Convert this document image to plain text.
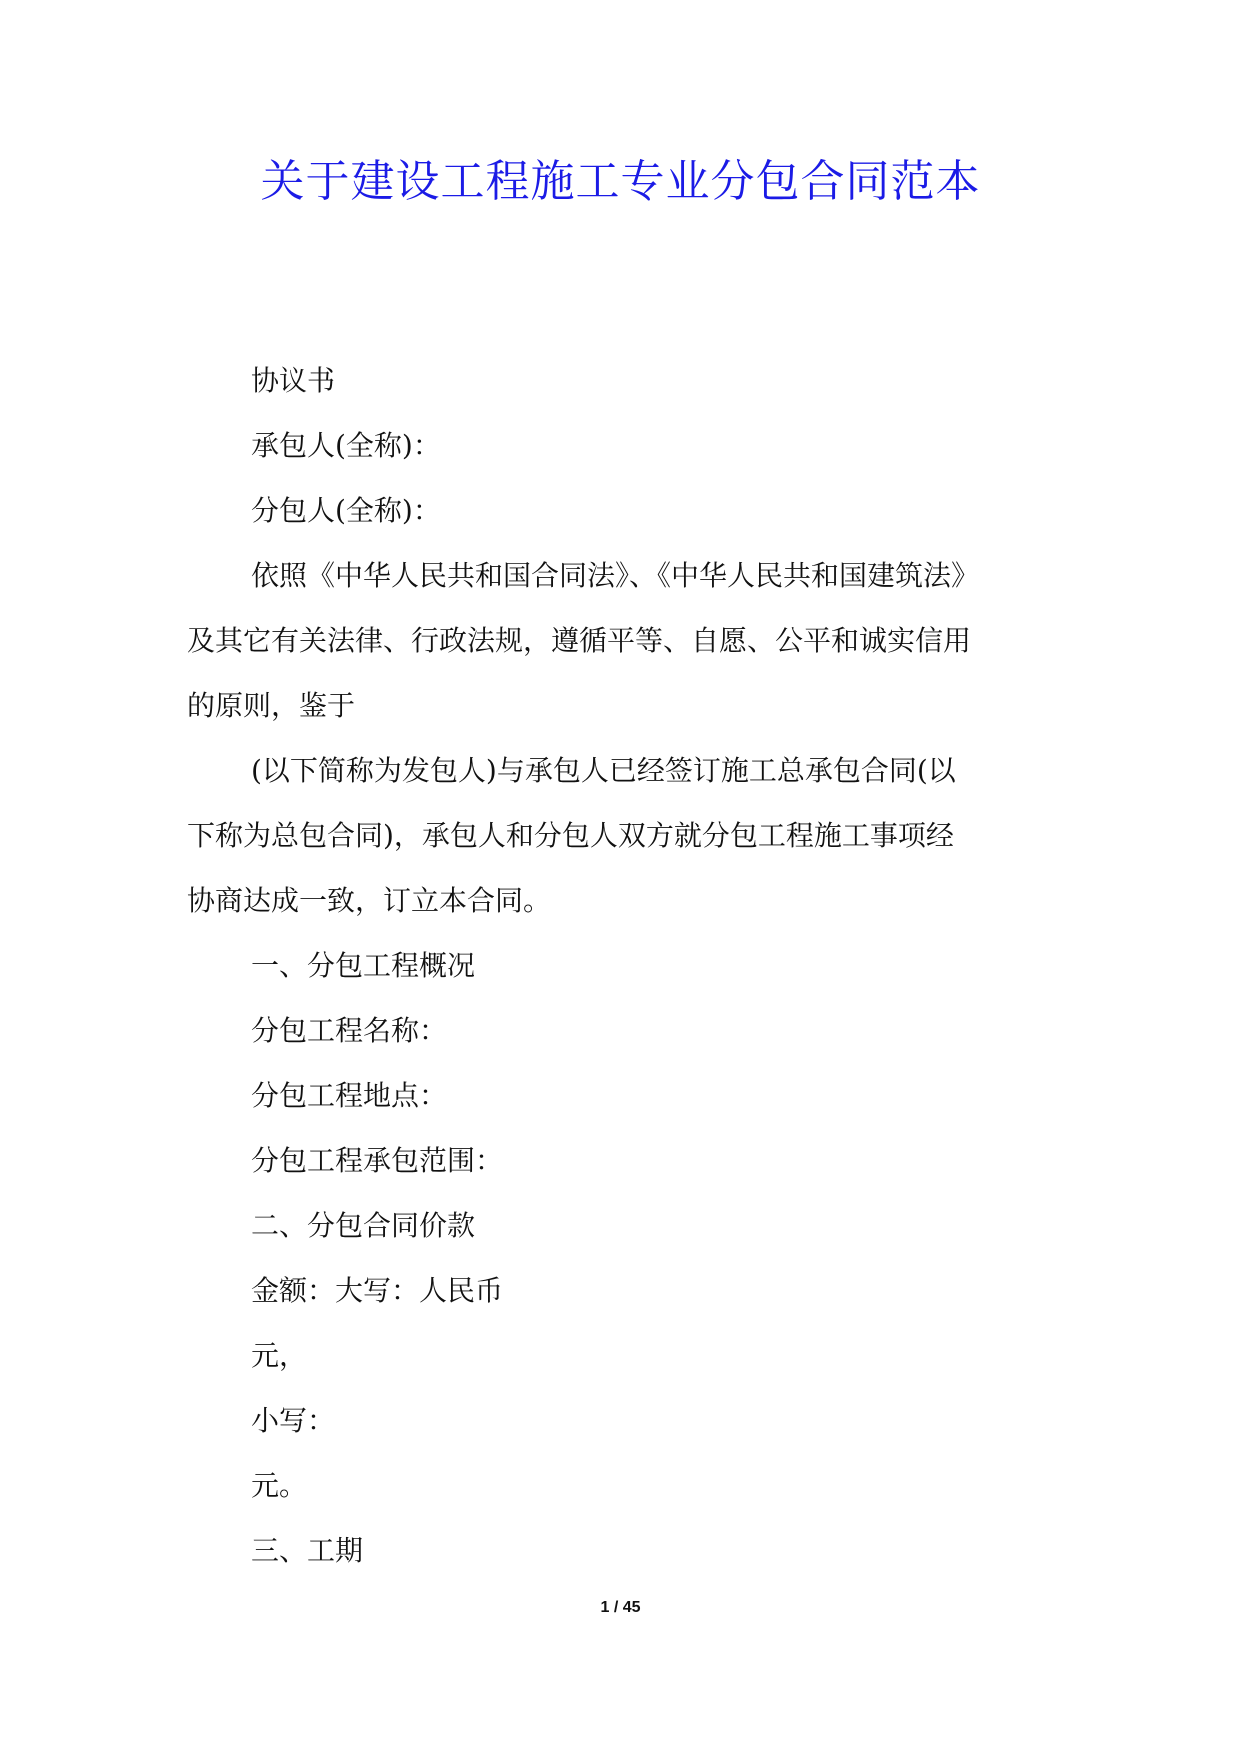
关于建设工程施工专业分包合同范本
协议书
承包人(全称)：
分包人(全称)：
依照《中华人民共和国合同法》、《中华人民共和国建筑法》
及其它有关法律、行政法规，遵循平等、自愿、公平和诚实信用
的原则，鉴于
(以下简称为发包人)与承包人已经签订施工总承包合同(以
下称为总包合同)，承包人和分包人双方就分包工程施工事项经
协商达成一致，订立本合同。
一、分包工程概况
分包工程名称：
分包工程地点：
分包工程承包范围：
二、分包合同价款
金额：大写：人民币
元，
小写：
元。
三、工期
1 / 45
